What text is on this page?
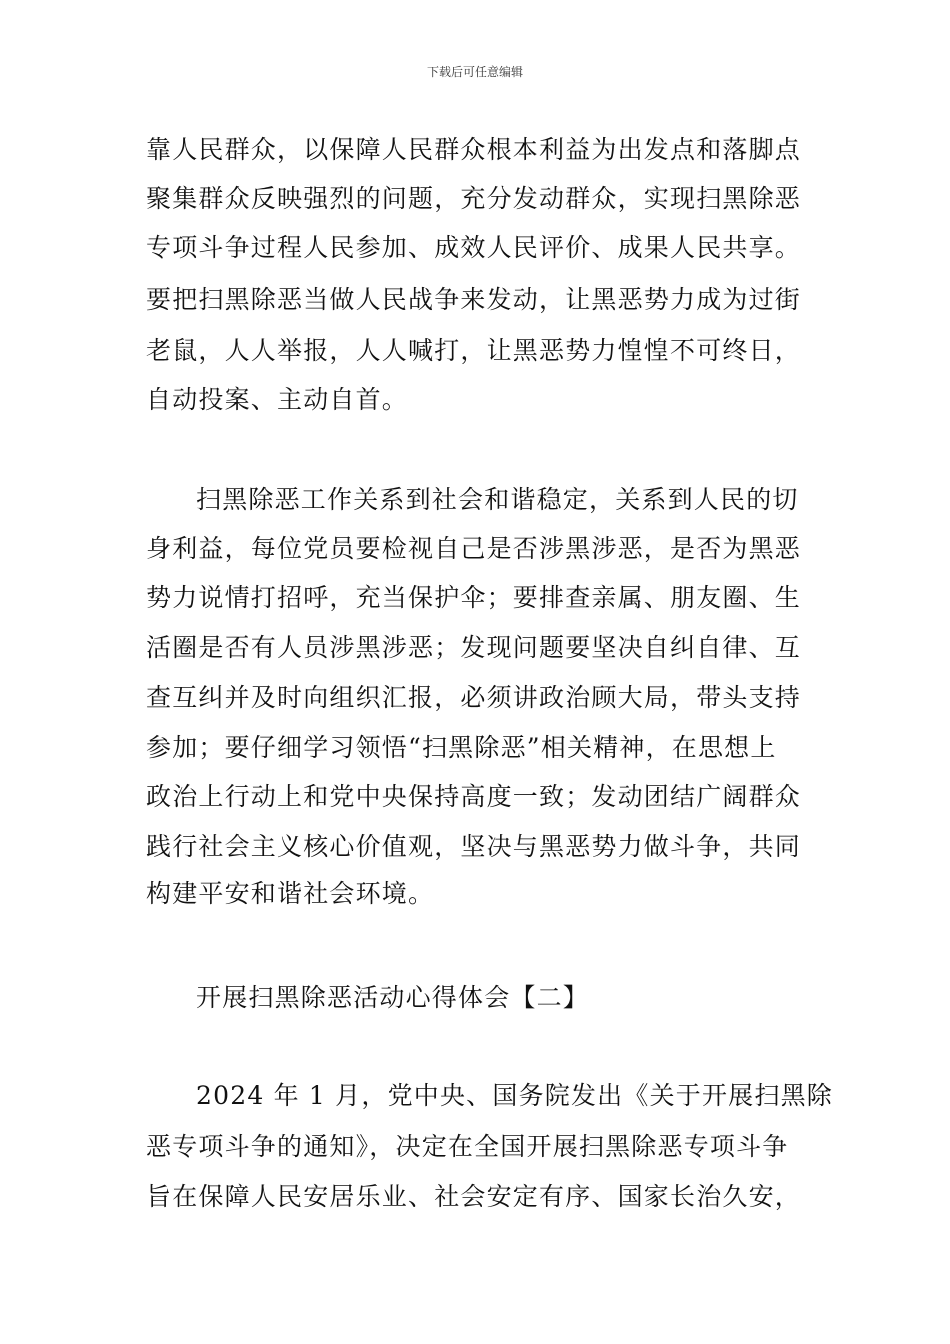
下载后可任意编辑
靠人民群众，以保障人民群众根本利益为出发点和落脚点
聚集群众反映强烈的问题，充分发动群众，实现扫黑除恶
专项斗争过程人民参加、成效人民评价、成果人民共享。
要把扫黑除恶当做人民战争来发动，让黑恶势力成为过街
老鼠，人人举报，人人喊打，让黑恶势力惶惶不可终日，
自动投案、主动自首。
扫黑除恶工作关系到社会和谐稳定，关系到人民的切
身利益，每位党员要检视自己是否涉黑涉恶，是否为黑恶
势力说情打招呼，充当保护伞；要排查亲属、朋友圈、生
活圈是否有人员涉黑涉恶；发现问题要坚决自纠自律、互
查互纠并及时向组织汇报，必须讲政治顾大局，带头支持
参加；要仔细学习领悟“扫黑除恶”相关精神，在思想上
政治上行动上和党中央保持高度一致；发动团结广阔群众
践行社会主义核心价值观，坚决与黑恶势力做斗争，共同
构建平安和谐社会环境。
开展扫黑除恶活动心得体会【二】
2024 年 1 月，党中央、国务院发出《关于开展扫黑除
恶专项斗争的通知》，决定在全国开展扫黑除恶专项斗争
旨在保障人民安居乐业、社会安定有序、国家长治久安，
